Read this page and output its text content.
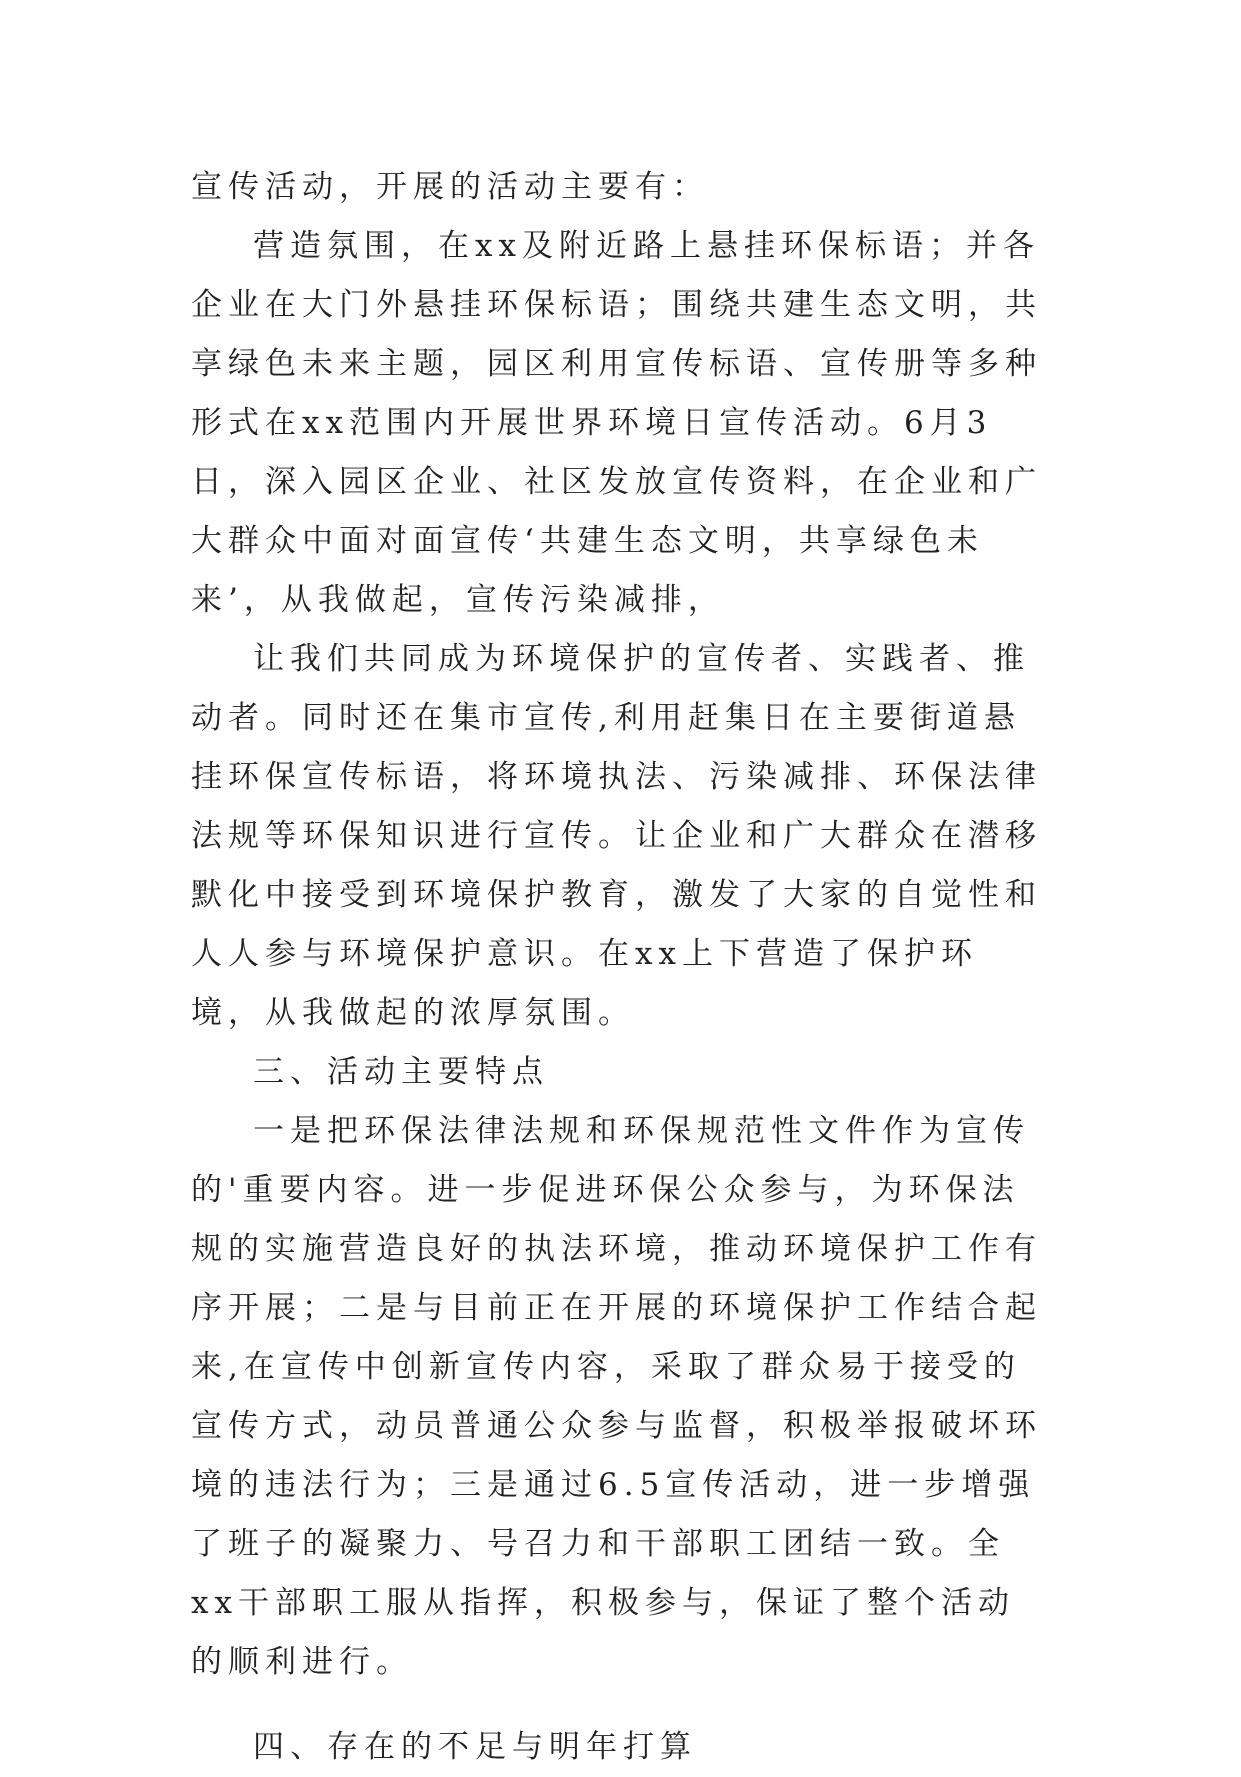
宣传活动，开展的活动主要有：

营造氛围，在xx及附近路上悬挂环保标语；并各企业在大门外悬挂环保标语；围绕共建生态文明，共享绿色未来主题，园区利用宣传标语、宣传册等多种形式在xx范围内开展世界环境日宣传活动。6月3日，深入园区企业、社区发放宣传资料，在企业和广大群众中面对面宣传‘共建生态文明，共享绿色未来’，从我做起，宣传污染减排，

让我们共同成为环境保护的宣传者、实践者、推动者。同时还在集市宣传,利用赶集日在主要街道悬挂环保宣传标语，将环境执法、污染减排、环保法律法规等环保知识进行宣传。让企业和广大群众在潜移默化中接受到环境保护教育，激发了大家的自觉性和人人参与环境保护意识。在xx上下营造了保护环境，从我做起的浓厚氛围。

三、活动主要特点

一是把环保法律法规和环保规范性文件作为宣传的'重要内容。进一步促进环保公众参与，为环保法规的实施营造良好的执法环境，推动环境保护工作有序开展；二是与目前正在开展的环境保护工作结合起来,在宣传中创新宣传内容，采取了群众易于接受的宣传方式，动员普通公众参与监督，积极举报破坏环境的违法行为；三是通过6.5宣传活动，进一步增强了班子的凝聚力、号召力和干部职工团结一致。全xx干部职工服从指挥，积极参与，保证了整个活动的顺利进行。

四、存在的不足与明年打算
